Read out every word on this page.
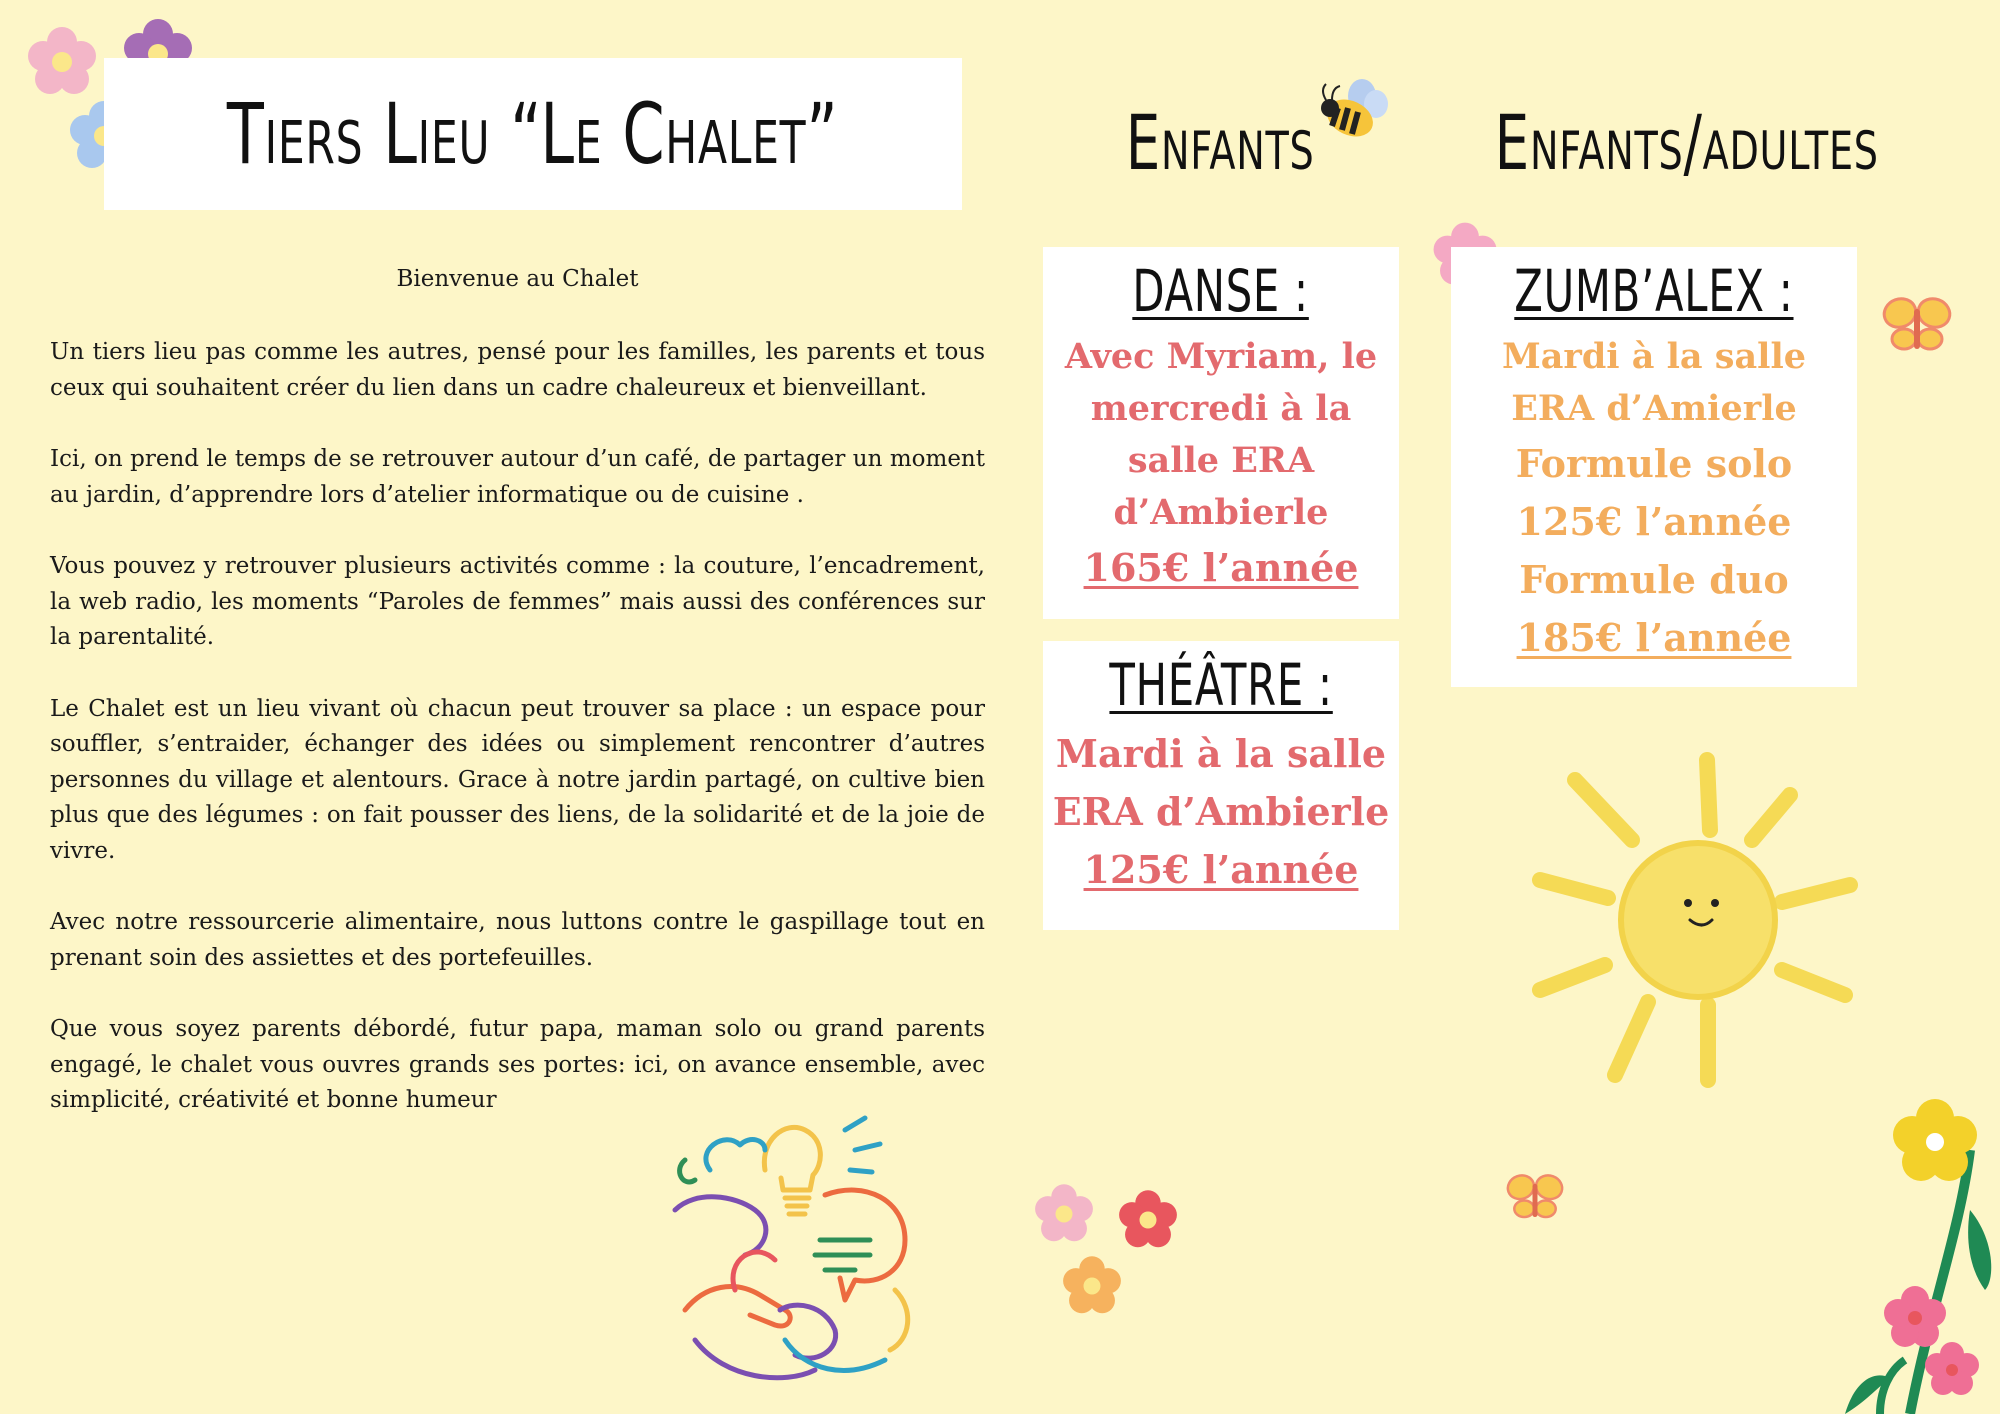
Tiers Lieu “Le Chalet”
Bienvenue au Chalet

Un tiers lieu pas comme les autres, pensé pour les familles, les parents et tous ceux qui souhaitent créer du lien dans un cadre chaleureux et bienveillant.

Ici, on prend le temps de se retrouver autour d’un café, de partager un moment au jardin, d’apprendre lors d’atelier informatique ou de cuisine .

Vous pouvez y retrouver plusieurs activités comme : la couture, l’encadrement, la web radio, les moments “Paroles de femmes” mais aussi des conférences sur la parentalité.

Le Chalet est un lieu vivant où chacun peut trouver sa place : un espace pour souffler, s’entraider, échanger des idées ou simplement rencontrer d’autres personnes du village et alentours. Grace à notre jardin partagé, on cultive bien plus que des légumes : on fait pousser des liens, de la solidarité et de la joie de vivre.

Avec notre ressourcerie alimentaire, nous luttons contre le gaspillage tout en prenant soin des assiettes et des portefeuilles.

Que vous soyez parents débordé, futur papa, maman solo ou grand parents engagé, le chalet vous ouvres grands ses portes: ici, on avance ensemble, avec simplicité, créativité et bonne humeur

Enfants	Enfants/adultes
DANSE :
Avec Myriam, le
mercredi à la
salle ERA
d’Ambierle
165€ l’année
THÉÂTRE :
Mardi à la salle
ERA d’Ambierle
125€ l’année
ZUMB’ALEX :
Mardi à la salle
ERA d’Amierle
Formule solo
125€ l’année
Formule duo
185€ l’année
